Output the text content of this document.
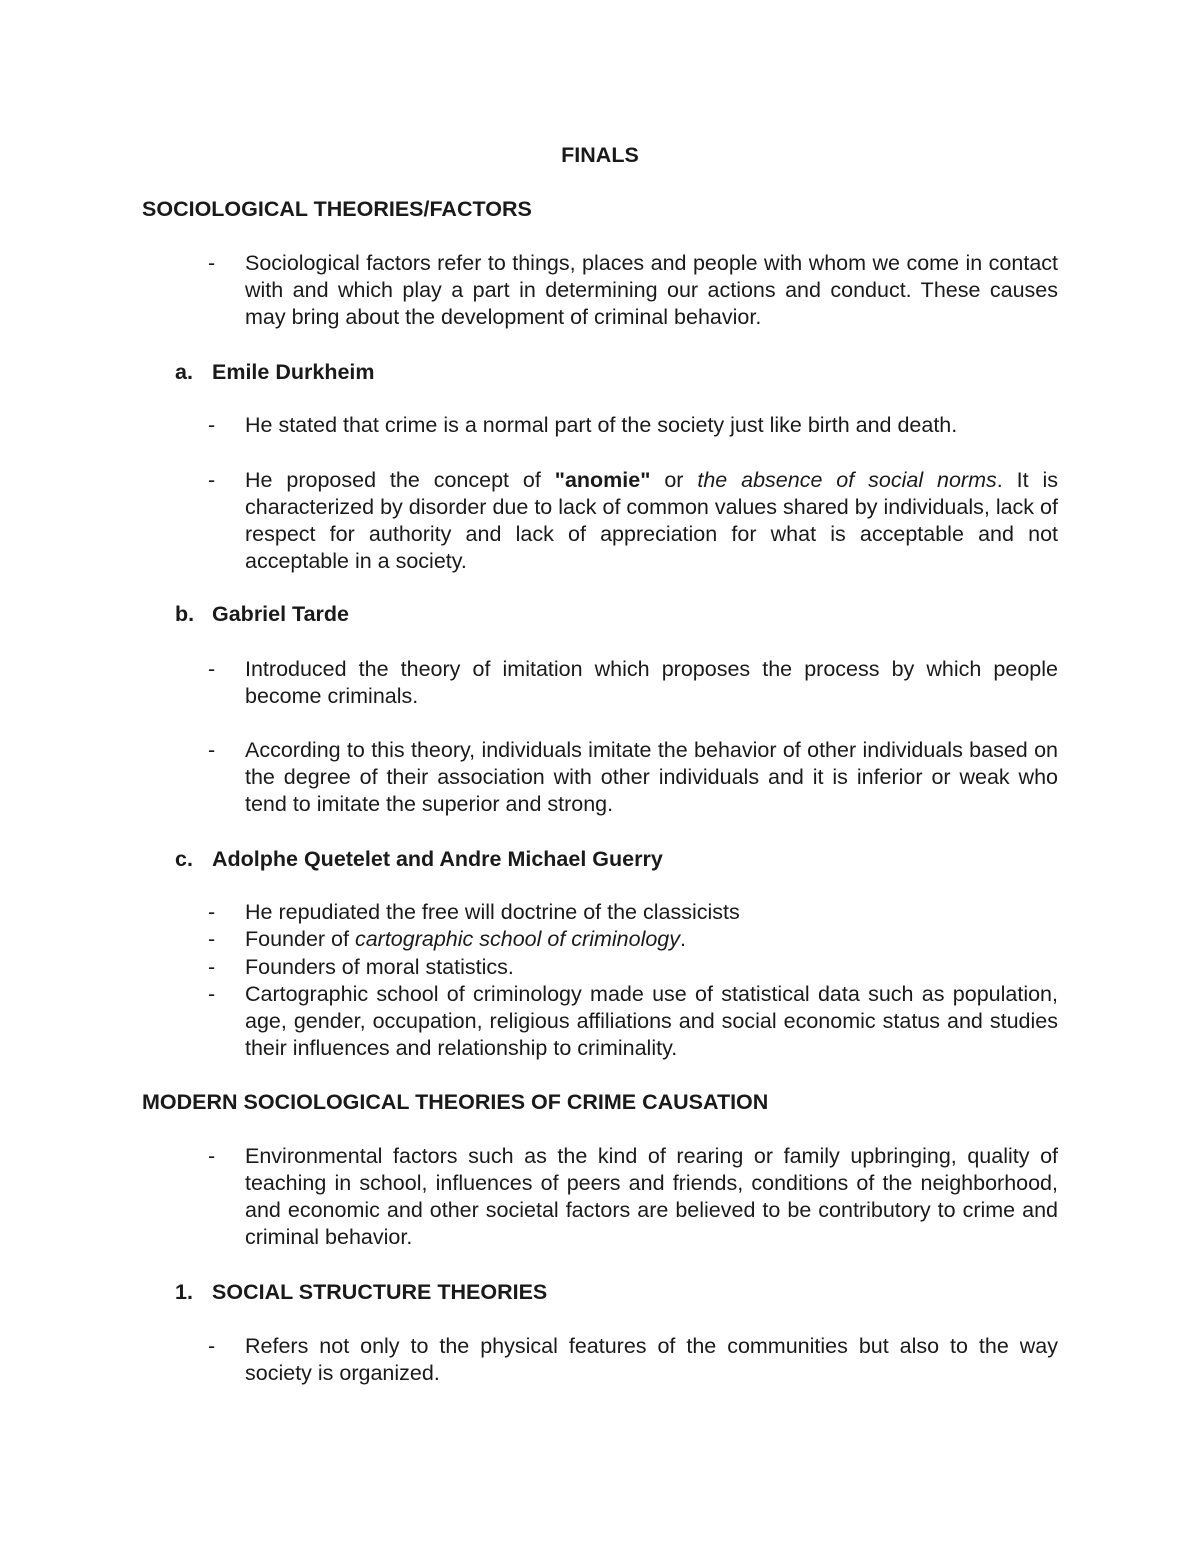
FINALS
SOCIOLOGICAL THEORIES/FACTORS
- Sociological factors refer to things, places and people with whom we come in contact with and which play a part in determining our actions and conduct. These causes may bring about the development of criminal behavior.
a. Emile Durkheim
- He stated that crime is a normal part of the society just like birth and death.
- He proposed the concept of "anomie" or the absence of social norms. It is characterized by disorder due to lack of common values shared by individuals, lack of respect for authority and lack of appreciation for what is acceptable and not acceptable in a society.
b. Gabriel Tarde
- Introduced the theory of imitation which proposes the process by which people become criminals.
- According to this theory, individuals imitate the behavior of other individuals based on the degree of their association with other individuals and it is inferior or weak who tend to imitate the superior and strong.
c. Adolphe Quetelet and Andre Michael Guerry
- He repudiated the free will doctrine of the classicists
- Founder of cartographic school of criminology.
- Founders of moral statistics.
- Cartographic school of criminology made use of statistical data such as population, age, gender, occupation, religious affiliations and social economic status and studies their influences and relationship to criminality.
MODERN SOCIOLOGICAL THEORIES OF CRIME CAUSATION
- Environmental factors such as the kind of rearing or family upbringing, quality of teaching in school, influences of peers and friends, conditions of the neighborhood, and economic and other societal factors are believed to be contributory to crime and criminal behavior.
1. SOCIAL STRUCTURE THEORIES
- Refers not only to the physical features of the communities but also to the way society is organized.
